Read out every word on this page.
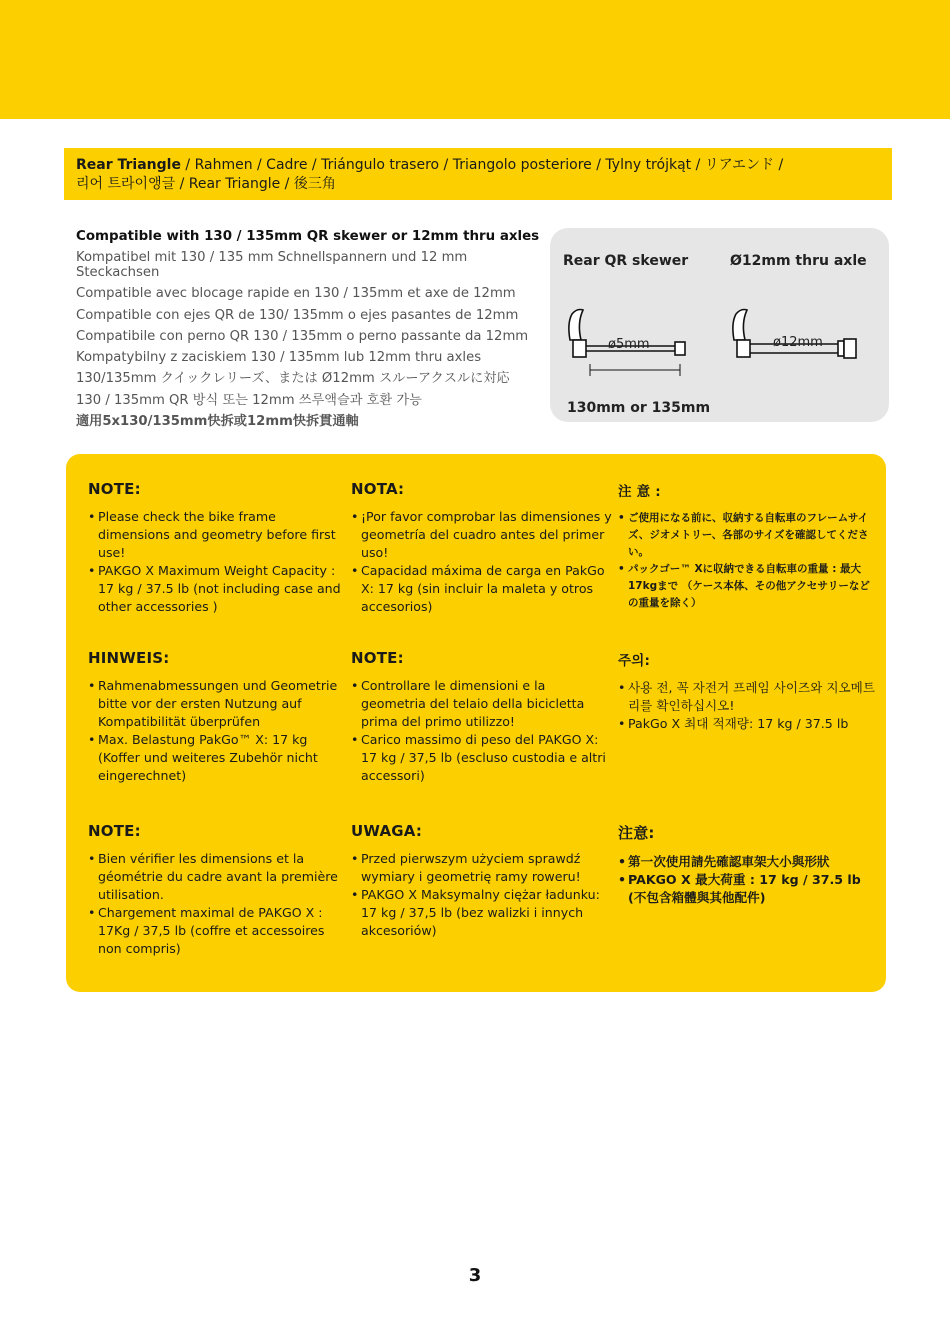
Rear Triangle / Rahmen / Cadre / Triángulo trasero / Triangolo posteriore / Tylny trójkąt / リアエンド /
리어 트라이앵글 / Rear Triangle / 後三角
Compatible with 130 / 135mm QR skewer or 12mm thru axles
Kompatibel mit 130 / 135 mm Schnellspannern und 12 mm Steckachsen
Compatible avec blocage rapide en 130 / 135mm et axe de 12mm
Compatible con ejes QR de 130/ 135mm o ejes pasantes de 12mm
Compatibile con perno QR 130 / 135mm o perno passante da 12mm
Kompatybilny z zaciskiem 130 / 135mm lub 12mm thru axles
130/135mm クイックレリーズ、または Ø12mm スルーアクスルに対応
130 / 135mm QR 방식 또는 12mm 쓰루액슬과 호환 가능
適用5x130/135mm快拆或12mm快拆貫通軸
Rear QR skewer	Ø12mm thru axle
ø5mm
130mm or 135mm
ø12mm
NOTE:
• Please check the bike frame dimensions and geometry before first use!
• PAKGO X Maximum Weight Capacity : 17 kg / 37.5 lb (not including case and other accessories )
NOTA:
• ¡Por favor comprobar las dimensiones y geometría del cuadro antes del primer uso!
• Capacidad máxima de carga en PakGo X: 17 kg (sin incluir la maleta y otros accesorios)
注 意 :
• ご使用になる前に、収納する自転車のフレームサイズ、ジオメトリー、各部のサイズを確認してください。
• パックゴー™ Xに収納できる自転車の重量 : 最大17kgまで （ケース本体、その他アクセサリーなどの重量を除く）
HINWEIS:
• Rahmenabmessungen und Geometrie bitte vor der ersten Nutzung auf Kompatibilität überprüfen
• Max. Belastung PakGo™ X: 17 kg (Koffer und weiteres Zubehör nicht eingerechnet)
NOTE:
• Controllare le dimensioni e la geometria del telaio della bicicletta prima del primo utilizzo!
• Carico massimo di peso del PAKGO X: 17 kg / 37,5 lb (escluso custodia e altri accessori)
주의:
• 사용 전, 꼭 자전거 프레임 사이즈와 지오메트리를 확인하십시오!
• PakGo X 최대 적재량: 17 kg / 37.5 lb
NOTE:
• Bien vérifier les dimensions et la géométrie du cadre avant la première utilisation.
• Chargement maximal de PAKGO X : 17Kg / 37,5 lb (coffre et accessoires non compris)
UWAGA:
• Przed pierwszym użyciem sprawdź wymiary i geometrię ramy roweru!
• PAKGO X Maksymalny ciężar ładunku: 17 kg / 37,5 lb (bez walizki i innych akcesoriów)
注意:
• 第一次使用請先確認車架大小與形狀
• PAKGO X 最大荷重 : 17 kg / 37.5 lb (不包含箱體與其他配件)
3
